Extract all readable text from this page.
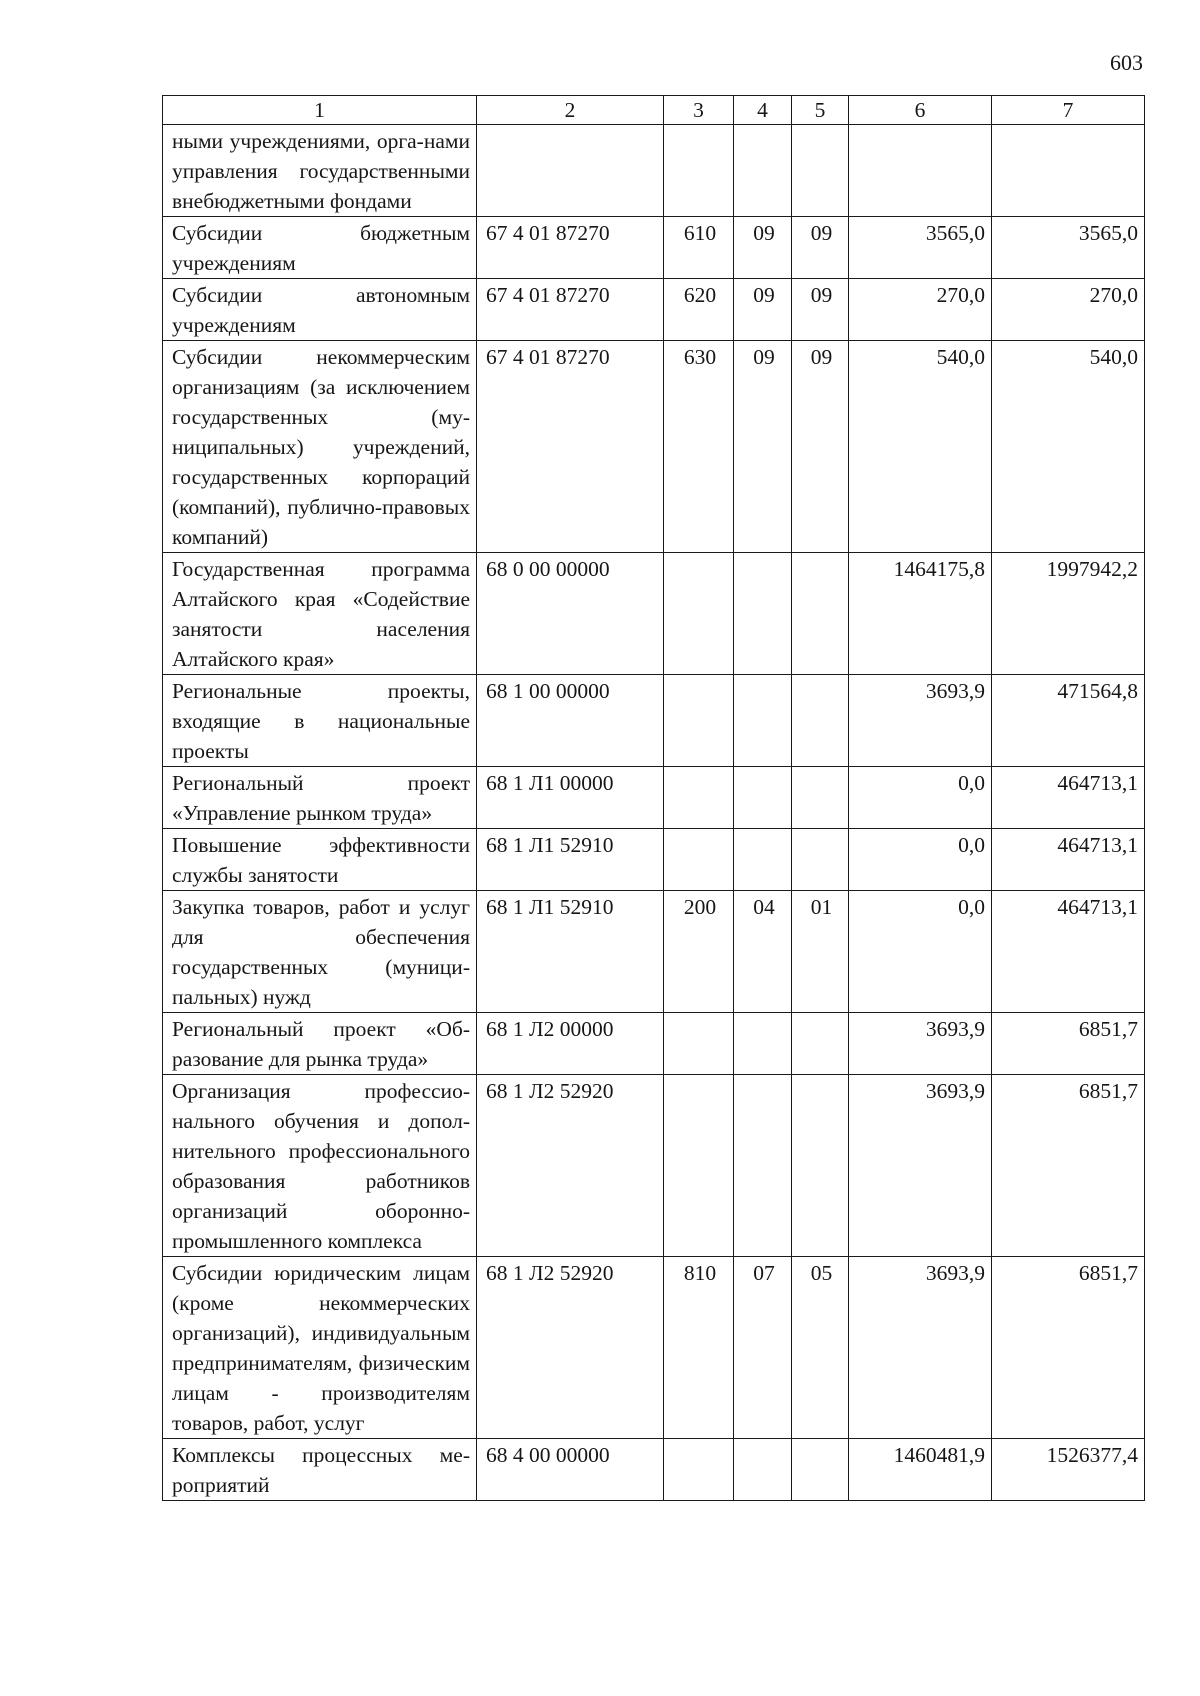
603
1	2	3	4	5	6	7
ными учреждениями, орга-нами управления государственными внебюджетными фондами						
Субсидии бюджетным учреждениям	67 4 01 87270	610	09	09	3565,0	3565,0
Субсидии автономным учреждениям	67 4 01 87270	620	09	09	270,0	270,0
Субсидии некоммерческим организациям (за исключением государственных (муниципальных) учреждений, государственных корпораций (компаний), публично-правовых компаний)	67 4 01 87270	630	09	09	540,0	540,0
Государственная программа Алтайского края «Содействие занятости населения Алтайского края»	68 0 00 00000				1464175,8	1997942,2
Региональные проекты, входящие в национальные проекты	68 1 00 00000				3693,9	471564,8
Региональный проект «Управление рынком труда»	68 1 Л1 00000				0,0	464713,1
Повышение эффективности службы занятости	68 1 Л1 52910				0,0	464713,1
Закупка товаров, работ и услуг для обеспечения государственных (муниципальных) нужд	68 1 Л1 52910	200	04	01	0,0	464713,1
Региональный проект «Образование для рынка труда»	68 1 Л2 00000				3693,9	6851,7
Организация профессионального обучения и дополнительного профессионального образования работников организаций оборонно-промышленного комплекса	68 1 Л2 52920				3693,9	6851,7
Субсидии юридическим лицам (кроме некоммерческих организаций), индивидуальным предпринимателям, физическим лицам - производителям товаров, работ, услуг	68 1 Л2 52920	810	07	05	3693,9	6851,7
Комплексы процессных мероприятий	68 4 00 00000				1460481,9	1526377,4
